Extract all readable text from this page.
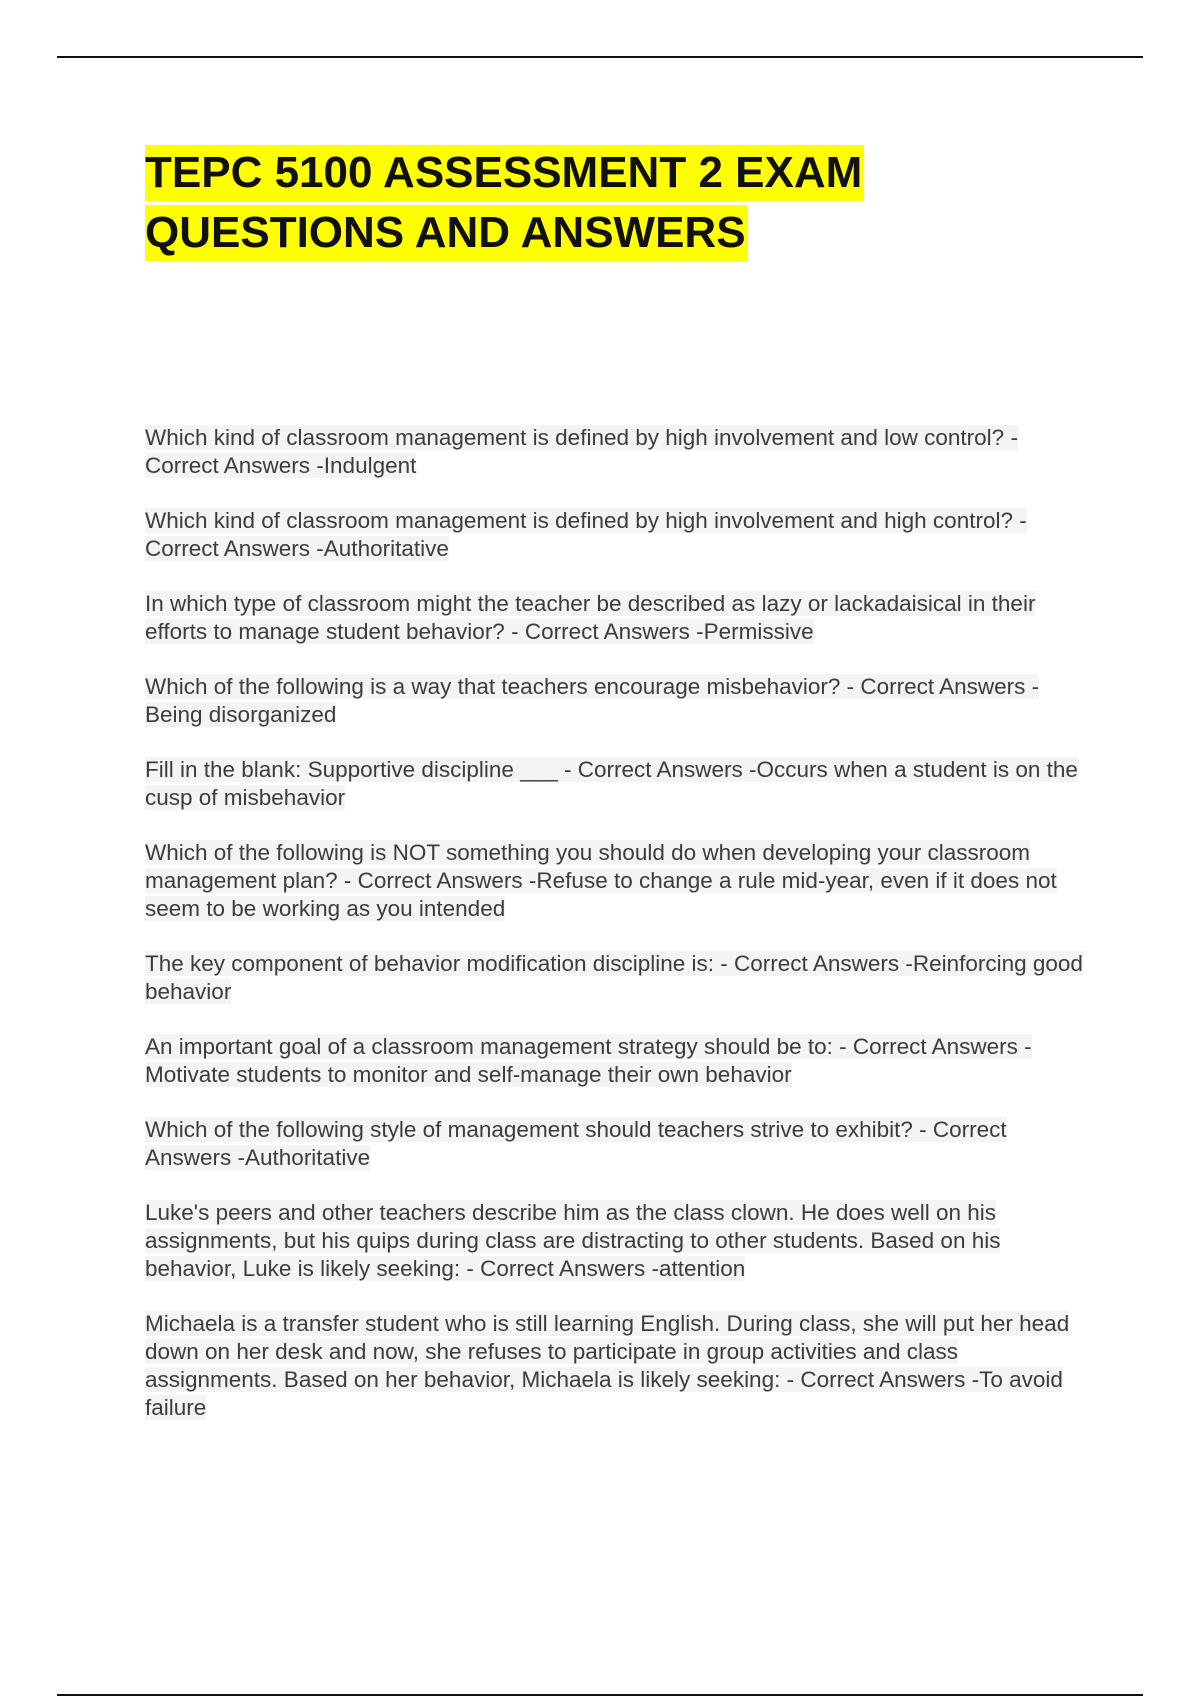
TEPC 5100 ASSESSMENT 2 EXAM
QUESTIONS AND ANSWERS
Which kind of classroom management is defined by high involvement and low control? - Correct Answers -Indulgent
Which kind of classroom management is defined by high involvement and high control? - Correct Answers -Authoritative
In which type of classroom might the teacher be described as lazy or lackadaisical in their efforts to manage student behavior? - Correct Answers -Permissive
Which of the following is a way that teachers encourage misbehavior? - Correct Answers -Being disorganized
Fill in the blank: Supportive discipline ___ - Correct Answers -Occurs when a student is on the cusp of misbehavior
Which of the following is NOT something you should do when developing your classroom management plan? - Correct Answers -Refuse to change a rule mid-year, even if it does not seem to be working as you intended
The key component of behavior modification discipline is: - Correct Answers -Reinforcing good behavior
An important goal of a classroom management strategy should be to: - Correct Answers -Motivate students to monitor and self-manage their own behavior
Which of the following style of management should teachers strive to exhibit? - Correct Answers -Authoritative
Luke's peers and other teachers describe him as the class clown. He does well on his assignments, but his quips during class are distracting to other students. Based on his behavior, Luke is likely seeking: - Correct Answers -attention
Michaela is a transfer student who is still learning English. During class, she will put her head down on her desk and now, she refuses to participate in group activities and class assignments. Based on her behavior, Michaela is likely seeking: - Correct Answers -To avoid failure
